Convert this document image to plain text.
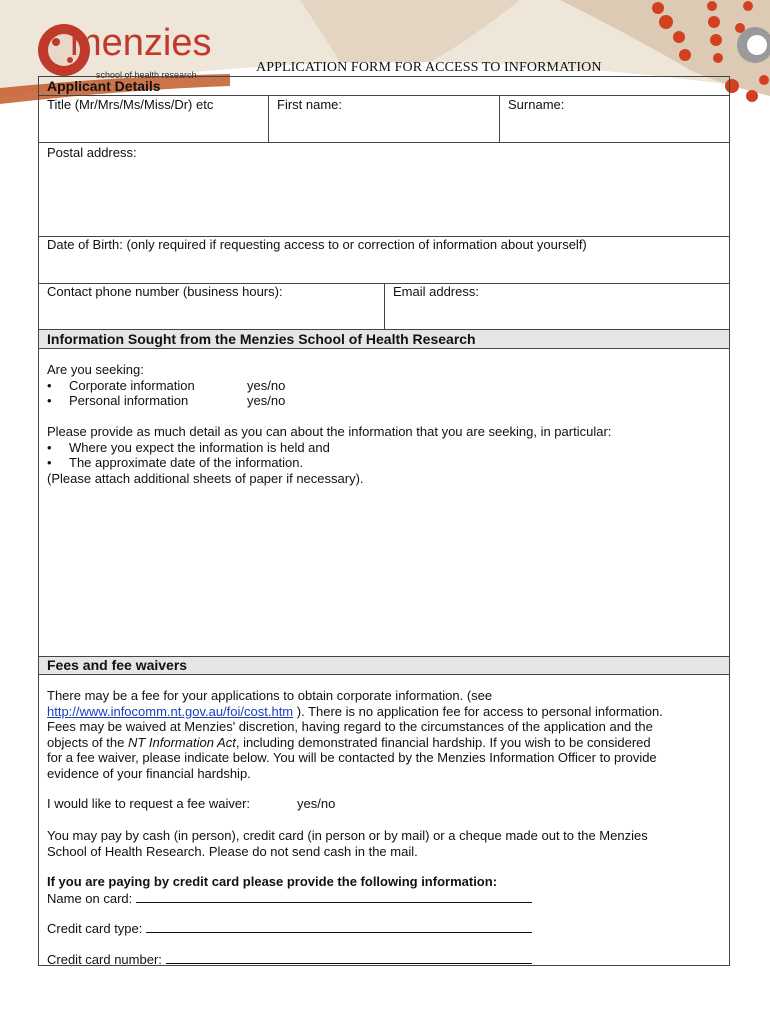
menzies
school of health research	APPLICATION FORM FOR ACCESS TO INFORMATION
Applicant Details
Title (Mr/Mrs/Ms/Miss/Dr) etc	First name:	Surname:
Postal address:
Date of Birth: (only required if requesting access to or correction of information about yourself)
Contact phone number (business hours):	Email address:
Information Sought from the Menzies School of Health Research
Are you seeking:
• Corporate information	yes/no
• Personal information	yes/no
Please provide as much detail as you can about the information that you are seeking, in particular:
• Where you expect the information is held and
• The approximate date of the information.
(Please attach additional sheets of paper if necessary).
Fees and fee waivers
There may be a fee for your applications to obtain corporate information. (see
http://www.infocomm.nt.gov.au/foi/cost.htm ). There is no application fee for access to personal information.
Fees may be waived at Menzies' discretion, having regard to the circumstances of the application and the
objects of the NT Information Act, including demonstrated financial hardship. If you wish to be considered
for a fee waiver, please indicate below. You will be contacted by the Menzies Information Officer to provide
evidence of your financial hardship.
I would like to request a fee waiver:	yes/no
You may pay by cash (in person), credit card (in person or by mail) or a cheque made out to the Menzies
School of Health Research. Please do not send cash in the mail.
If you are paying by credit card please provide the following information:
Name on card:
Credit card type:
Credit card number:
